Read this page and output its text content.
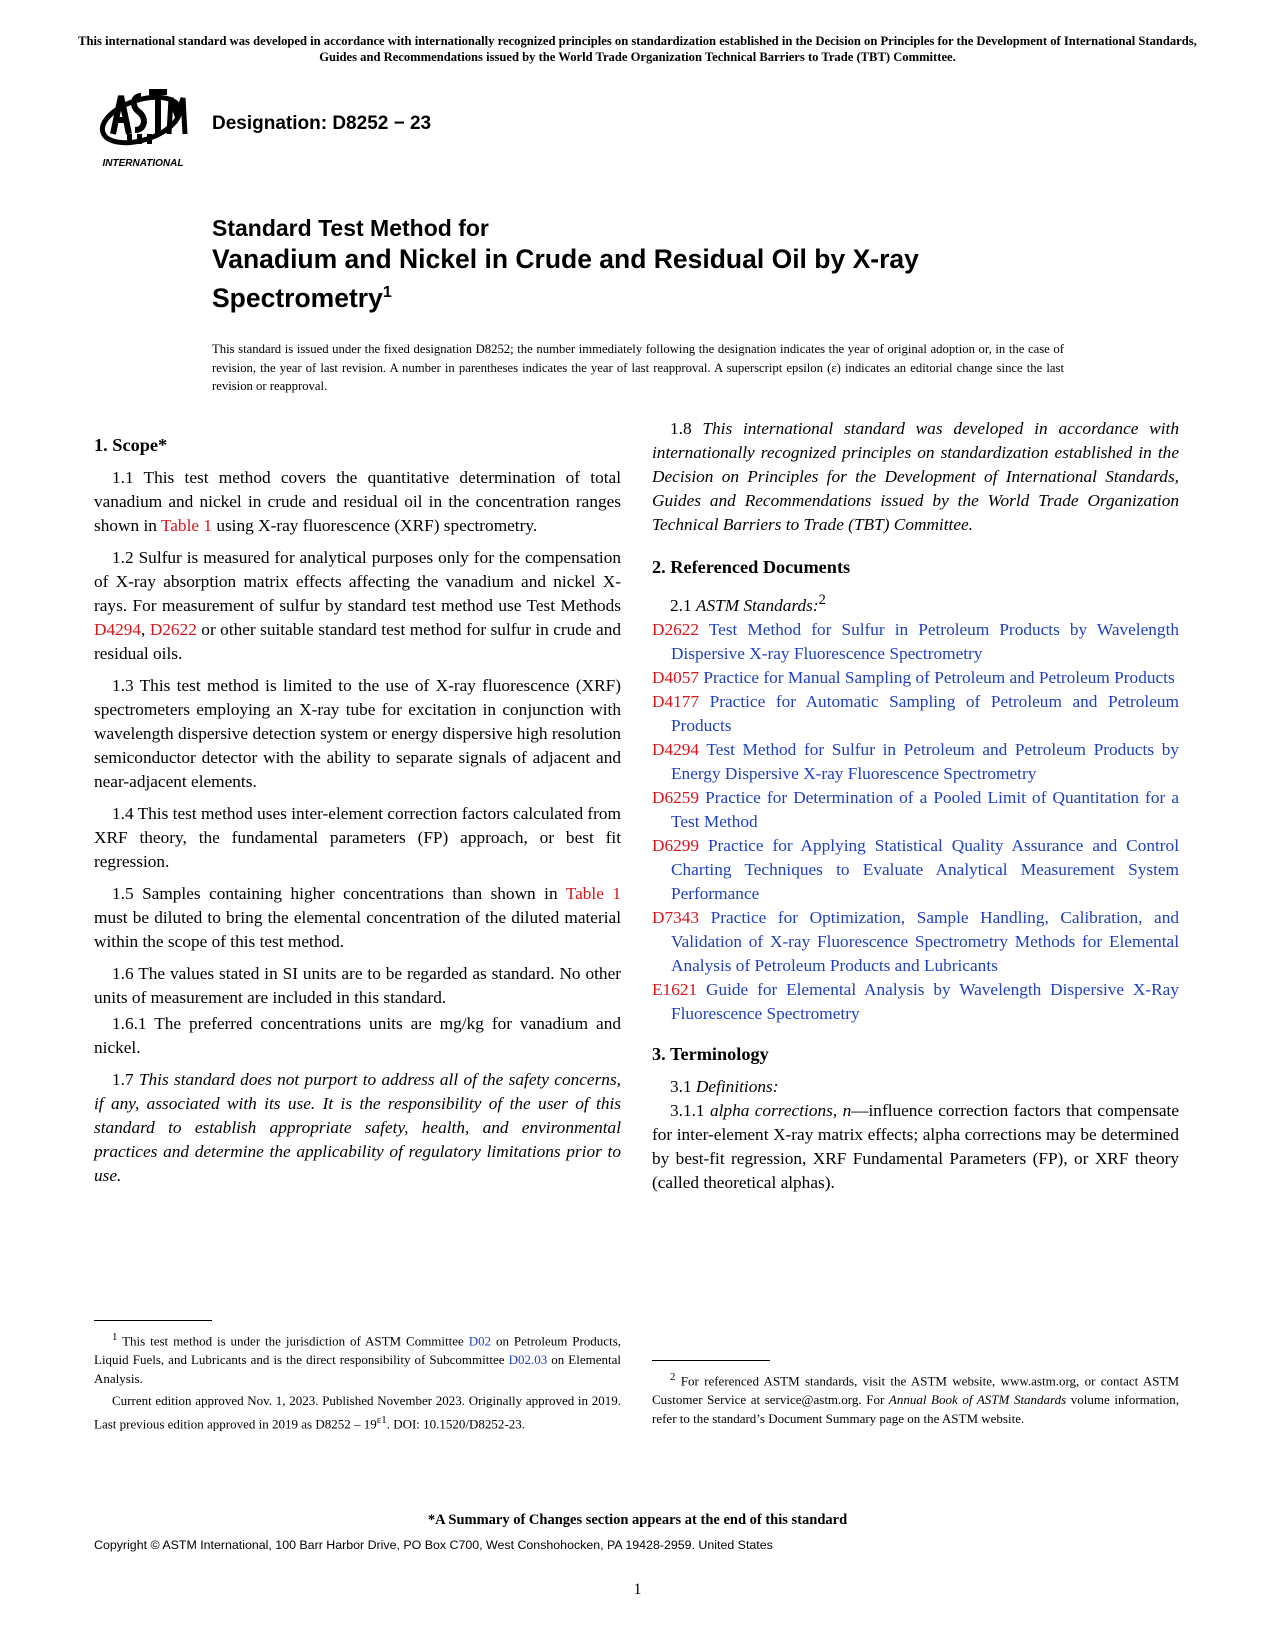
This international standard was developed in accordance with internationally recognized principles on standardization established in the Decision on Principles for the Development of International Standards, Guides and Recommendations issued by the World Trade Organization Technical Barriers to Trade (TBT) Committee.
INTERNATIONAL
Designation: D8252 − 23
Standard Test Method for
Vanadium and Nickel in Crude and Residual Oil by X-ray
Spectrometry$^1$
This standard is issued under the fixed designation D8252; the number immediately following the designation indicates the year of original adoption or, in the case of revision, the year of last revision. A number in parentheses indicates the year of last reapproval. A superscript epsilon (ε) indicates an editorial change since the last revision or reapproval.
1. Scope*

1.1 This test method covers the quantitative determination of total vanadium and nickel in crude and residual oil in the concentration ranges shown in Table 1 using X-ray fluorescence (XRF) spectrometry.

1.2 Sulfur is measured for analytical purposes only for the compensation of X-ray absorption matrix effects affecting the vanadium and nickel X-rays. For measurement of sulfur by standard test method use Test Methods D4294, D2622 or other suitable standard test method for sulfur in crude and residual oils.

1.3 This test method is limited to the use of X-ray fluorescence (XRF) spectrometers employing an X-ray tube for excitation in conjunction with wavelength dispersive detection system or energy dispersive high resolution semiconductor detector with the ability to separate signals of adjacent and near-adjacent elements.

1.4 This test method uses inter-element correction factors calculated from XRF theory, the fundamental parameters (FP) approach, or best fit regression.

1.5 Samples containing higher concentrations than shown in Table 1 must be diluted to bring the elemental concentration of the diluted material within the scope of this test method.

1.6 The values stated in SI units are to be regarded as standard. No other units of measurement are included in this standard.

1.6.1 The preferred concentrations units are mg/kg for vanadium and nickel.

1.7 This standard does not purport to address all of the safety concerns, if any, associated with its use. It is the responsibility of the user of this standard to establish appropriate safety, health, and environmental practices and determine the applicability of regulatory limitations prior to use.

1.8 This international standard was developed in accordance with internationally recognized principles on standardization established in the Decision on Principles for the Development of International Standards, Guides and Recommendations issued by the World Trade Organization Technical Barriers to Trade (TBT) Committee.

2. Referenced Documents

2.1 ASTM Standards:$^2$

D2622 Test Method for Sulfur in Petroleum Products by Wavelength Dispersive X-ray Fluorescence Spectrometry
D4057 Practice for Manual Sampling of Petroleum and Petroleum Products
D4177 Practice for Automatic Sampling of Petroleum and Petroleum Products
D4294 Test Method for Sulfur in Petroleum and Petroleum Products by Energy Dispersive X-ray Fluorescence Spectrometry
D6259 Practice for Determination of a Pooled Limit of Quantitation for a Test Method
D6299 Practice for Applying Statistical Quality Assurance and Control Charting Techniques to Evaluate Analytical Measurement System Performance
D7343 Practice for Optimization, Sample Handling, Calibration, and Validation of X-ray Fluorescence Spectrometry Methods for Elemental Analysis of Petroleum Products and Lubricants
E1621 Guide for Elemental Analysis by Wavelength Dispersive X-Ray Fluorescence Spectrometry
3. Terminology

3.1 Definitions:

3.1.1 alpha corrections, n—influence correction factors that compensate for inter-element X-ray matrix effects; alpha corrections may be determined by best-fit regression, XRF Fundamental Parameters (FP), or XRF theory (called theoretical alphas).

$^1$ This test method is under the jurisdiction of ASTM Committee D02 on Petroleum Products, Liquid Fuels, and Lubricants and is the direct responsibility of Subcommittee D02.03 on Elemental Analysis.

Current edition approved Nov. 1, 2023. Published November 2023. Originally approved in 2019. Last previous edition approved in 2019 as $D8252 - 19^{\varepsilon 1}$. DOI: 10.1520/D8252-23.

$^2$ For referenced ASTM standards, visit the ASTM website, www.astm.org, or contact ASTM Customer Service at service@astm.org. For Annual Book of ASTM Standards volume information, refer to the standard’s Document Summary page on the ASTM website.

*A Summary of Changes section appears at the end of this standard
Copyright © ASTM International, 100 Barr Harbor Drive, PO Box C700, West Conshohocken, PA 19428-2959. United States
1
